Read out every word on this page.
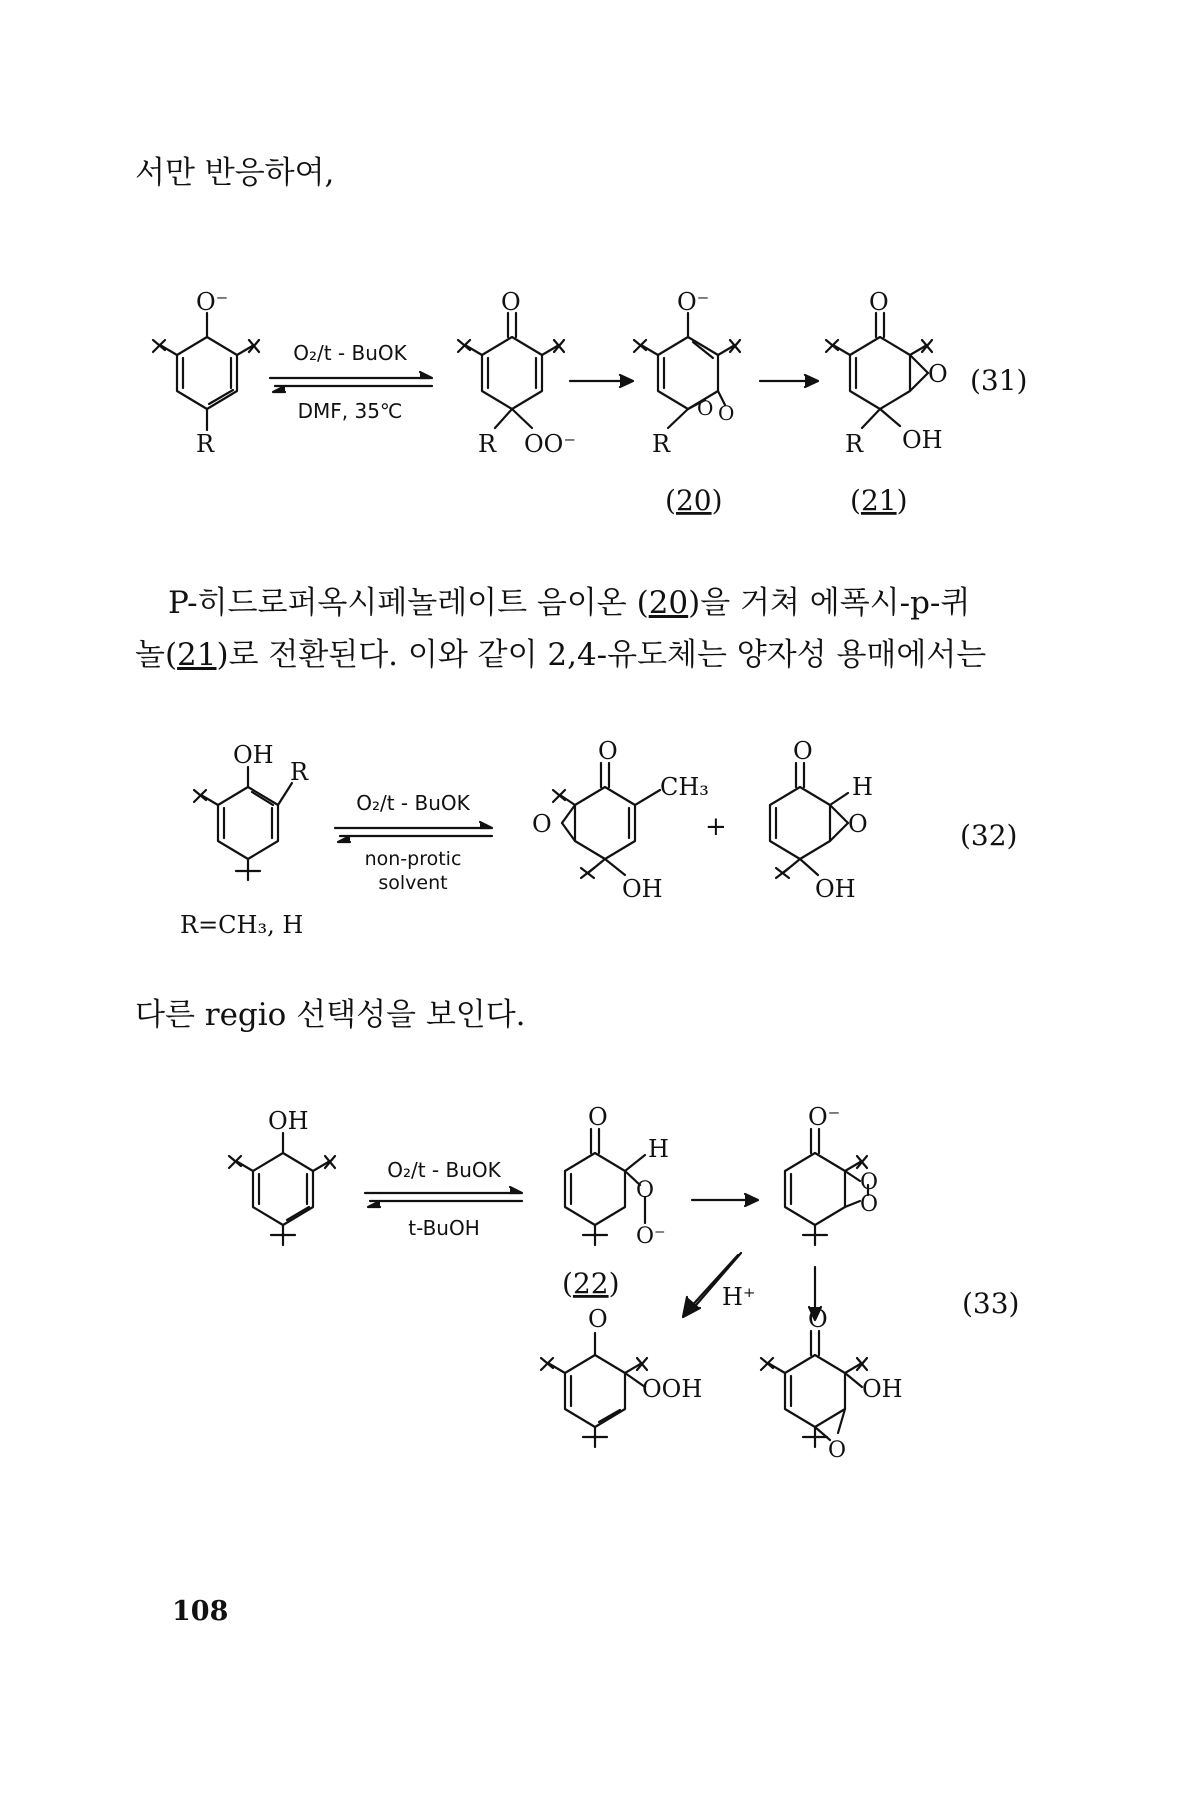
서만 반응하여,
P-히드로퍼옥시페놀레이트 음이온 (20)을 거쳐 에폭시-p-퀴
놀(21)로 전환된다. 이와 같이 2,4-유도체는 양자성 용매에서는
다른 regio 선택성을 보인다.
O⁻
R
O₂/t - BuOK
DMF, 35℃
O
R OO⁻
O⁻
O O
R
O
O
OH
R
(31)
(20)	(21)
OH
R
R=CH₃, H
O₂/t - BuOK
non-protic
solvent
O
CH₃
O
OH
+
O
H
O
OH
(32)
OH
O₂/t - BuOK
t-BuOH
O
H
O
O⁻
(22)
O⁻
O
O
H⁺
O
OOH
O
OH
O
(33)
108
